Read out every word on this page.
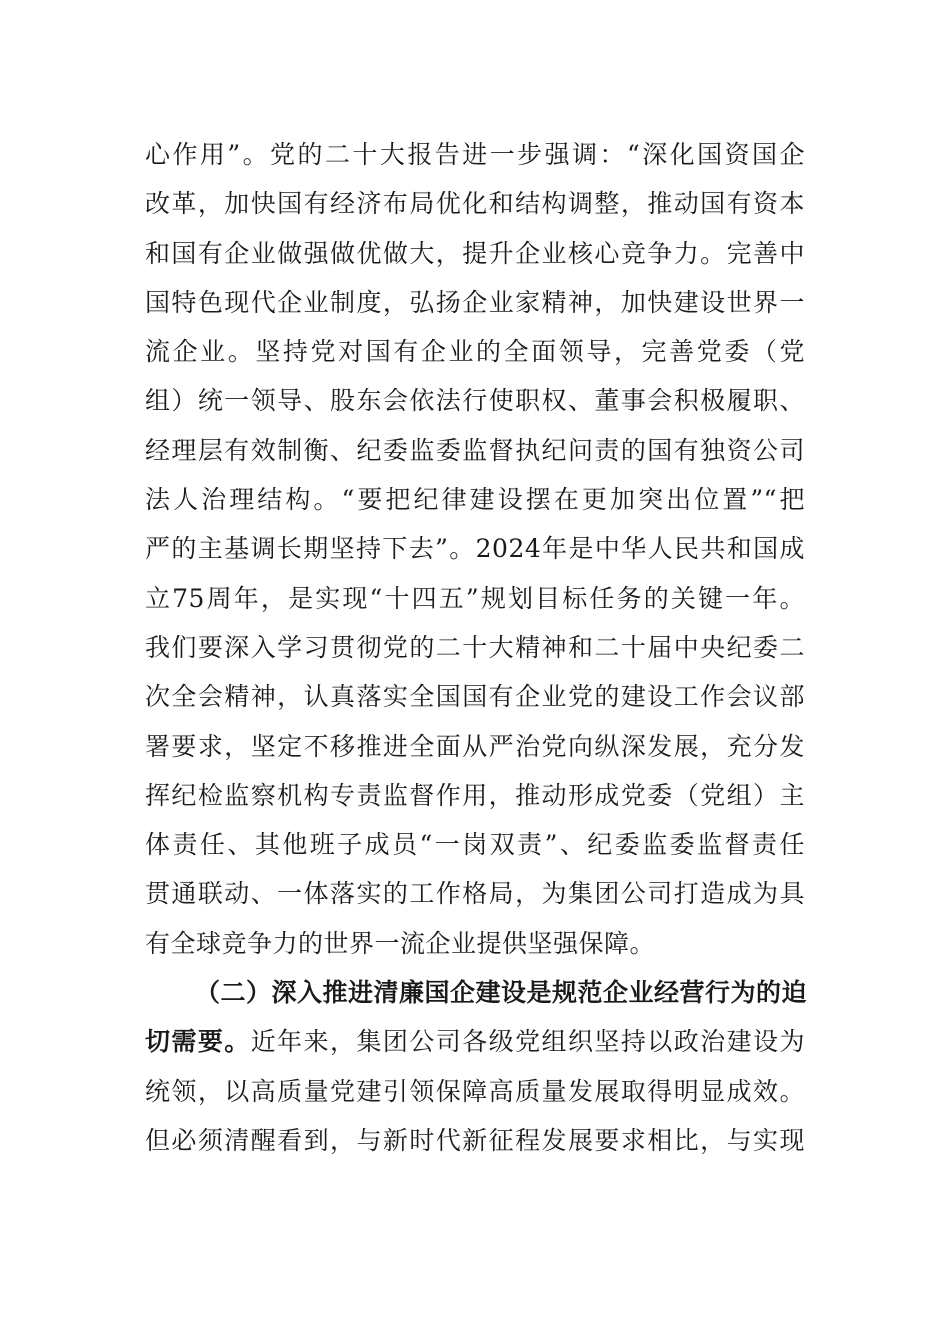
心作用”。党的二十大报告进一步强调：“深化国资国企
改革，加快国有经济布局优化和结构调整，推动国有资本
和国有企业做强做优做大，提升企业核心竞争力。完善中
国特色现代企业制度，弘扬企业家精神，加快建设世界一
流企业。坚持党对国有企业的全面领导，完善党委（党
组）统一领导、股东会依法行使职权、董事会积极履职、
经理层有效制衡、纪委监委监督执纪问责的国有独资公司
法人治理结构。“要把纪律建设摆在更加突出位置”“把
严的主基调长期坚持下去”。2024年是中华人民共和国成
立75周年，是实现“十四五”规划目标任务的关键一年。
我们要深入学习贯彻党的二十大精神和二十届中央纪委二
次全会精神，认真落实全国国有企业党的建设工作会议部
署要求，坚定不移推进全面从严治党向纵深发展，充分发
挥纪检监察机构专责监督作用，推动形成党委（党组）主
体责任、其他班子成员“一岗双责”、纪委监委监督责任
贯通联动、一体落实的工作格局，为集团公司打造成为具
有全球竞争力的世界一流企业提供坚强保障。
（二）深入推进清廉国企建设是规范企业经营行为的迫
切需要。近年来，集团公司各级党组织坚持以政治建设为
统领，以高质量党建引领保障高质量发展取得明显成效。
但必须清醒看到，与新时代新征程发展要求相比，与实现
